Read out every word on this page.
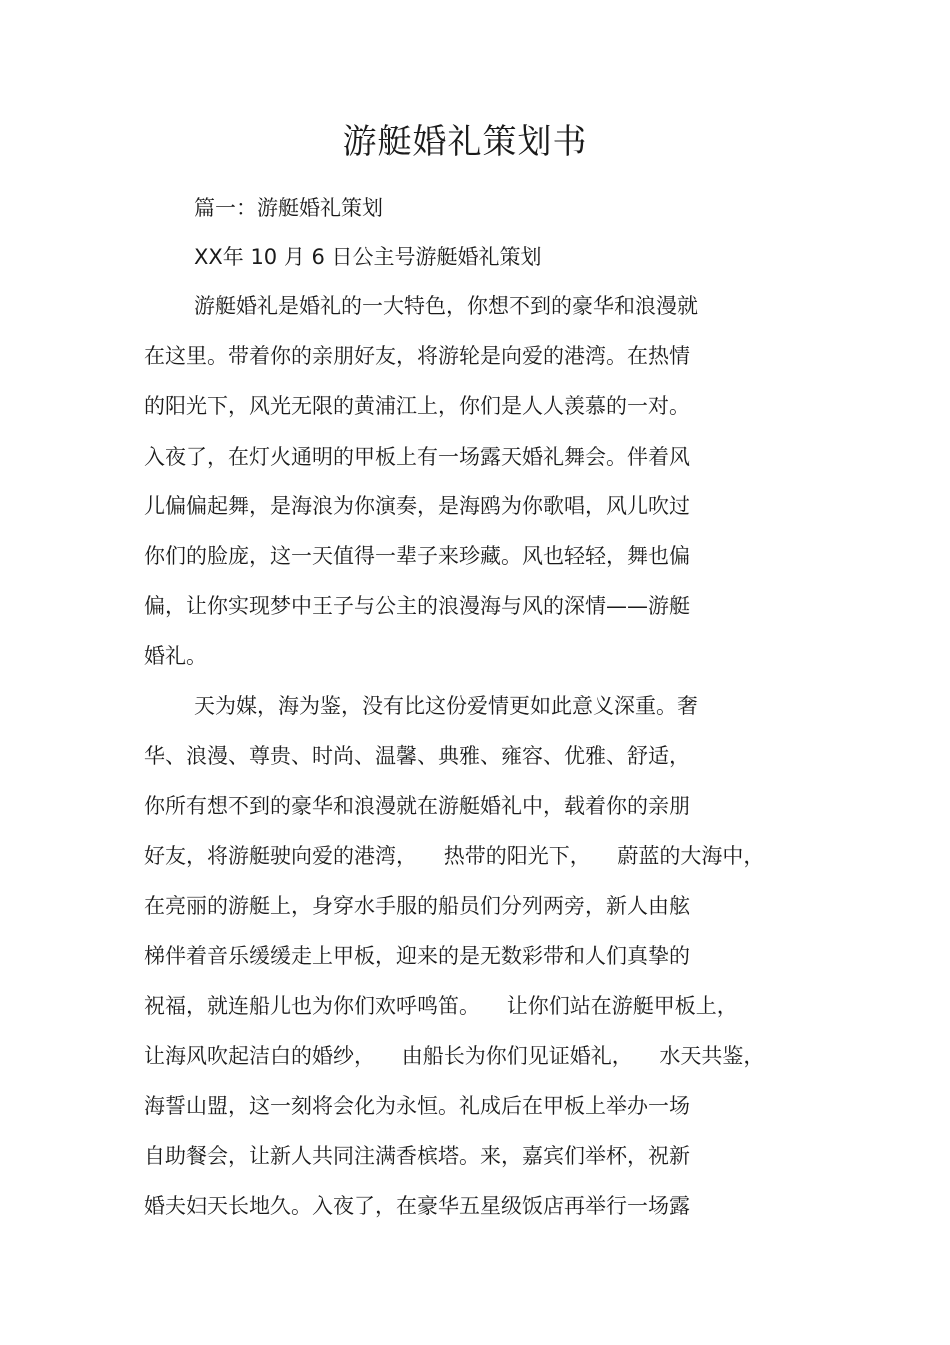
游艇婚礼策划书
篇一：游艇婚礼策划
XX年 10 月 6 日公主号游艇婚礼策划
游艇婚礼是婚礼的一大特色，你想不到的豪华和浪漫就
在这里。带着你的亲朋好友，将游轮是向爱的港湾。在热情
的阳光下，风光无限的黄浦江上，你们是人人羡慕的一对。
入夜了，在灯火通明的甲板上有一场露天婚礼舞会。伴着风
儿偏偏起舞，是海浪为你演奏，是海鸥为你歌唱，风儿吹过
你们的脸庞，这一天值得一辈子来珍藏。风也轻轻，舞也偏
偏，让你实现梦中王子与公主的浪漫海与风的深情——游艇
婚礼。
天为媒，海为鉴，没有比这份爱情更如此意义深重。奢
华、浪漫、尊贵、时尚、温馨、典雅、雍容、优雅、舒适，
你所有想不到的豪华和浪漫就在游艇婚礼中，载着你的亲朋
好友，将游艇驶向爱的港湾，    热带的阳光下，    蔚蓝的大海中，
在亮丽的游艇上，身穿水手服的船员们分列两旁，新人由舷
梯伴着音乐缓缓走上甲板，迎来的是无数彩带和人们真挚的
祝福，就连船儿也为你们欢呼鸣笛。    让你们站在游艇甲板上，
让海风吹起洁白的婚纱，    由船长为你们见证婚礼，    水天共鉴，
海誓山盟，这一刻将会化为永恒。礼成后在甲板上举办一场
自助餐会，让新人共同注满香槟塔。来，嘉宾们举杯，祝新
婚夫妇天长地久。入夜了，在豪华五星级饭店再举行一场露
